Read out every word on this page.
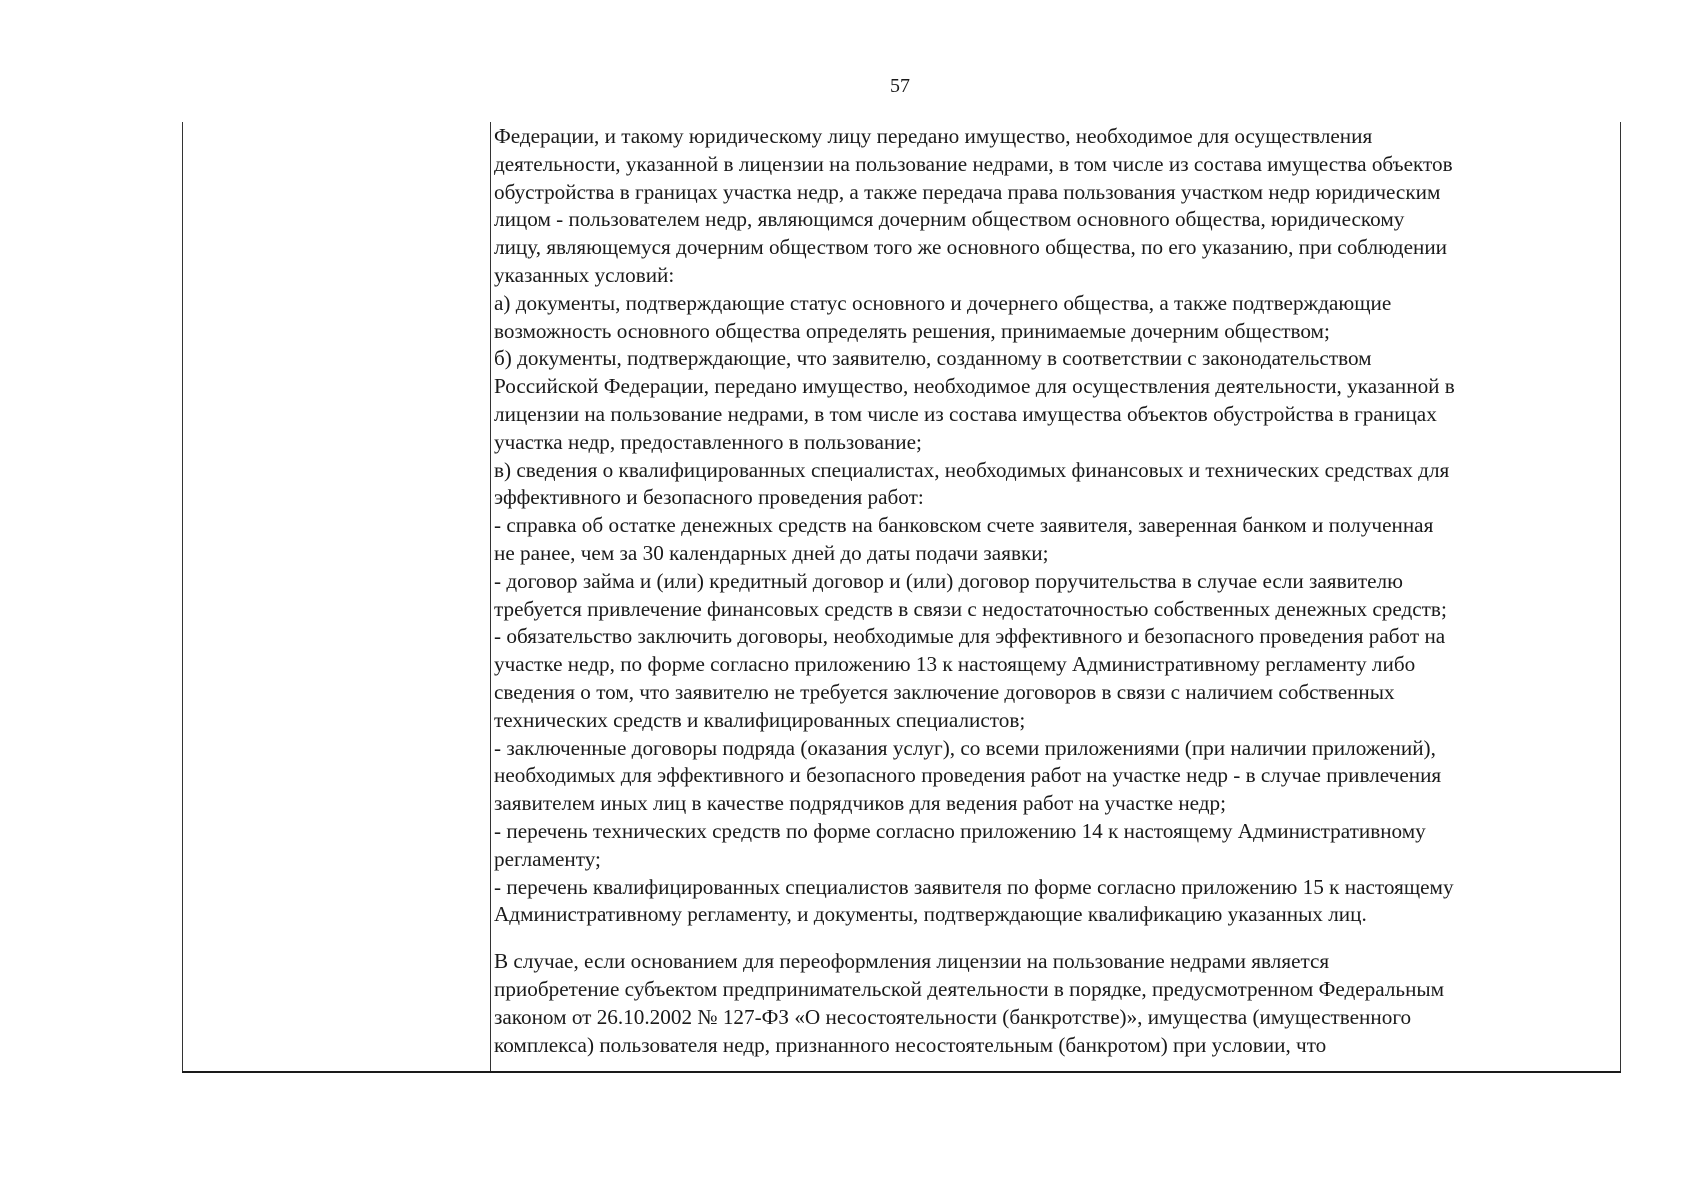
57
Федерации, и такому юридическому лицу передано имущество, необходимое для осуществления
деятельности, указанной в лицензии на пользование недрами, в том числе из состава имущества объектов
обустройства в границах участка недр, а также передача права пользования участком недр юридическим
лицом - пользователем недр, являющимся дочерним обществом основного общества, юридическому
лицу, являющемуся дочерним обществом того же основного общества, по его указанию, при соблюдении
указанных условий:
а) документы, подтверждающие статус основного и дочернего общества, а также подтверждающие
возможность основного общества определять решения, принимаемые дочерним обществом;
б) документы, подтверждающие, что заявителю, созданному в соответствии с законодательством
Российской Федерации, передано имущество, необходимое для осуществления деятельности, указанной в
лицензии на пользование недрами, в том числе из состава имущества объектов обустройства в границах
участка недр, предоставленного в пользование;
в) сведения о квалифицированных специалистах, необходимых финансовых и технических средствах для
эффективного и безопасного проведения работ:
- справка об остатке денежных средств на банковском счете заявителя, заверенная банком и полученная
не ранее, чем за 30 календарных дней до даты подачи заявки;
- договор займа и (или) кредитный договор и (или) договор поручительства в случае если заявителю
требуется привлечение финансовых средств в связи с недостаточностью собственных денежных средств;
- обязательство заключить договоры, необходимые для эффективного и безопасного проведения работ на
участке недр, по форме согласно приложению 13 к настоящему Административному регламенту либо
сведения о том, что заявителю не требуется заключение договоров в связи с наличием собственных
технических средств и квалифицированных специалистов;
- заключенные договоры подряда (оказания услуг), со всеми приложениями (при наличии приложений),
необходимых для эффективного и безопасного проведения работ на участке недр - в случае привлечения
заявителем иных лиц в качестве подрядчиков для ведения работ на участке недр;
- перечень технических средств по форме согласно приложению 14 к настоящему Административному
регламенту;
- перечень квалифицированных специалистов заявителя по форме согласно приложению 15 к настоящему
Административному регламенту, и документы, подтверждающие квалификацию указанных лиц.
В случае, если основанием для переоформления лицензии на пользование недрами является
приобретение субъектом предпринимательской деятельности в порядке, предусмотренном Федеральным
законом от 26.10.2002 № 127-ФЗ «О несостоятельности (банкротстве)», имущества (имущественного
комплекса) пользователя недр, признанного несостоятельным (банкротом) при условии, что
